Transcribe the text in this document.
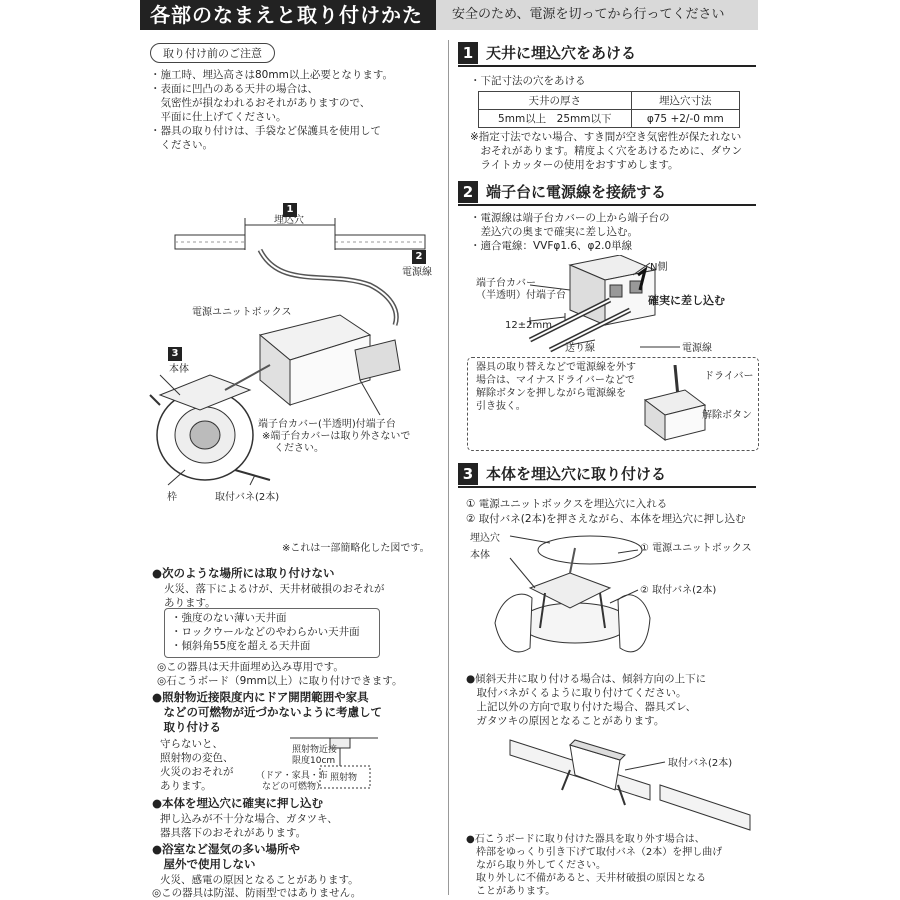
各部のなまえと取り付けかた	安全のため、電源を切ってから行ってください
取り付け前のご注意
・施工時、埋込高さは80mm以上必要となります。
・表面に凹凸のある天井の場合は、
　気密性が損なわれるおそれがありますので、
　平面に仕上げてください。
・器具の取り付けは、手袋など保護具を使用して
　ください。
1
埋込穴
2
電源線
電源ユニットボックス
3
本体
端子台カバー(半透明)付端子台
※端子台カバーは取り外さないで
ください。
枠	取付バネ(2本)
※これは一部簡略化した図です。
●次のような場所には取り付けない
火災、落下によるけが、天井材破損のおそれが
あります。
・強度のない薄い天井面
・ロックウールなどのやわらかい天井面
・傾斜角55度を超える天井面
◎この器具は天井面埋め込み専用です。
◎石こうボード（9mm以上）に取り付けできます。
●照射物近接限度内にドア開閉範囲や家具
　などの可燃物が近づかないように考慮して
　取り付ける
守らないと、
照射物の変色、
火災のおそれが
あります。
照射物近接
限度10cm
（ドア・家具・布
などの可燃物）
照射物
●本体を埋込穴に確実に押し込む
押し込みが不十分な場合、ガタツキ、
器具落下のおそれがあります。
●浴室など湿気の多い場所や
　屋外で使用しない
火災、感電の原因となることがあります。
◎この器具は防湿、防雨型ではありません。
1 天井に埋込穴をあける
・下記寸法の穴をあける
天井の厚さ	埋込穴寸法
5mm以上　25mm以下	φ75 +2/-0 mm
※指定寸法でない場合、すき間が空き気密性が保たれない
　おそれがあります。精度よく穴をあけるために、ダウン
　ライトカッターの使用をおすすめします。
2 端子台に電源線を接続する
・電源線は端子台カバーの上から端子台の
　差込穴の奥まで確実に差し込む。
・適合電線：VVFφ1.6、φ2.0単線
端子台カバー
（半透明）付端子台
N側
確実に差し込む
12±2mm
送り線	電源線
器具の取り替えなどで電源線を外す
場合は、マイナスドライバーなどで
解除ボタンを押しながら電源線を
引き抜く。
ドライバー
解除ボタン
3 本体を埋込穴に取り付ける
① 電源ユニットボックスを埋込穴に入れる
② 取付バネ(2本)を押さえながら、本体を埋込穴に押し込む
埋込穴
本体
① 電源ユニットボックス
② 取付バネ(2本)
●傾斜天井に取り付ける場合は、傾斜方向の上下に
　取付バネがくるように取り付けてください。
　上記以外の方向で取り付けた場合、器具ズレ、
　ガタツキの原因となることがあります。
取付バネ(2本)
●石こうボードに取り付けた器具を取り外す場合は、
　枠部をゆっくり引き下げて取付バネ（2本）を押し曲げ
　ながら取り外してください。
　取り外しに不備があると、天井材破損の原因となる
　ことがあります。
